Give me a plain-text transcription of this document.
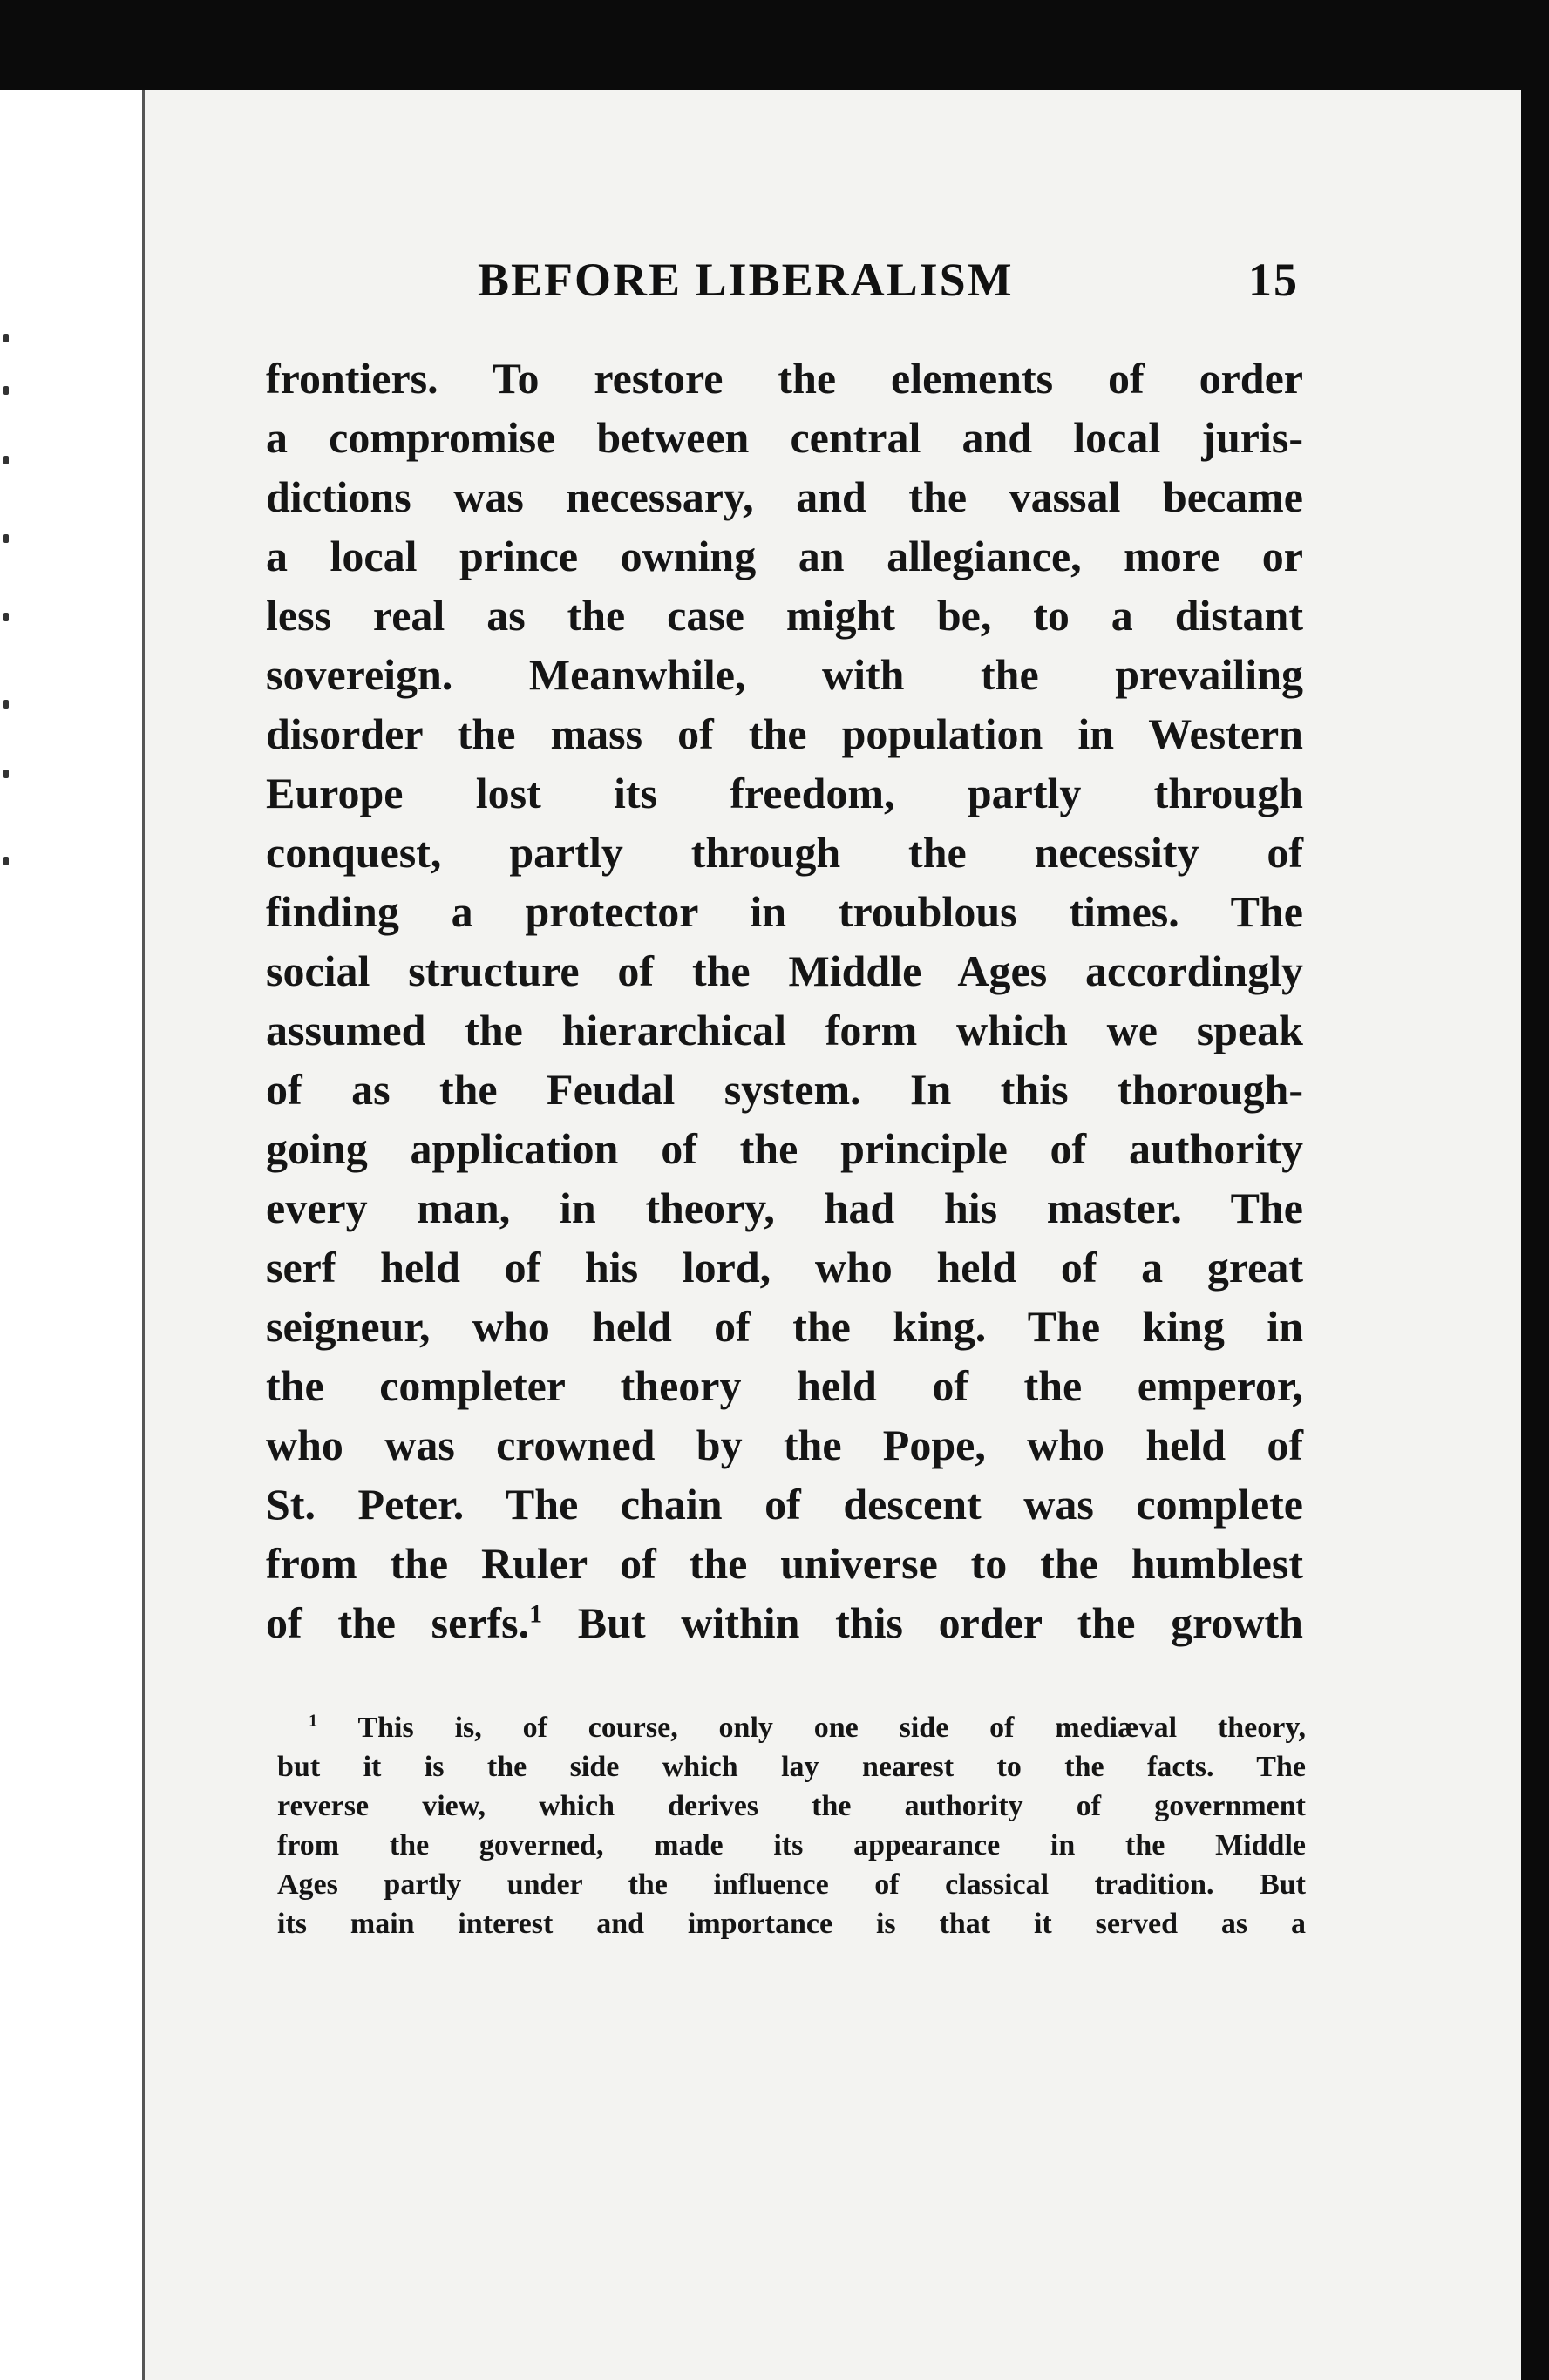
BEFORE LIBERALISM	15
frontiers. To restore the elements of order
a compromise between central and local juris-
dictions was necessary, and the vassal became
a local prince owning an allegiance, more or
less real as the case might be, to a distant
sovereign. Meanwhile, with the prevailing
disorder the mass of the population in Western
Europe lost its freedom, partly through
conquest, partly through the necessity of
finding a protector in troublous times. The
social structure of the Middle Ages accordingly
assumed the hierarchical form which we speak
of as the Feudal system. In this thorough-
going application of the principle of authority
every man, in theory, had his master. The
serf held of his lord, who held of a great
seigneur, who held of the king. The king in
the completer theory held of the emperor,
who was crowned by the Pope, who held of
St. Peter. The chain of descent was complete
from the Ruler of the universe to the humblest
of the serfs.$^1$ But within this order the growth
$^1$ This is, of course, only one side of mediæval theory,
but it is the side which lay nearest to the facts. The
reverse view, which derives the authority of government
from the governed, made its appearance in the Middle
Ages partly under the influence of classical tradition. But
its main interest and importance is that it served as a
